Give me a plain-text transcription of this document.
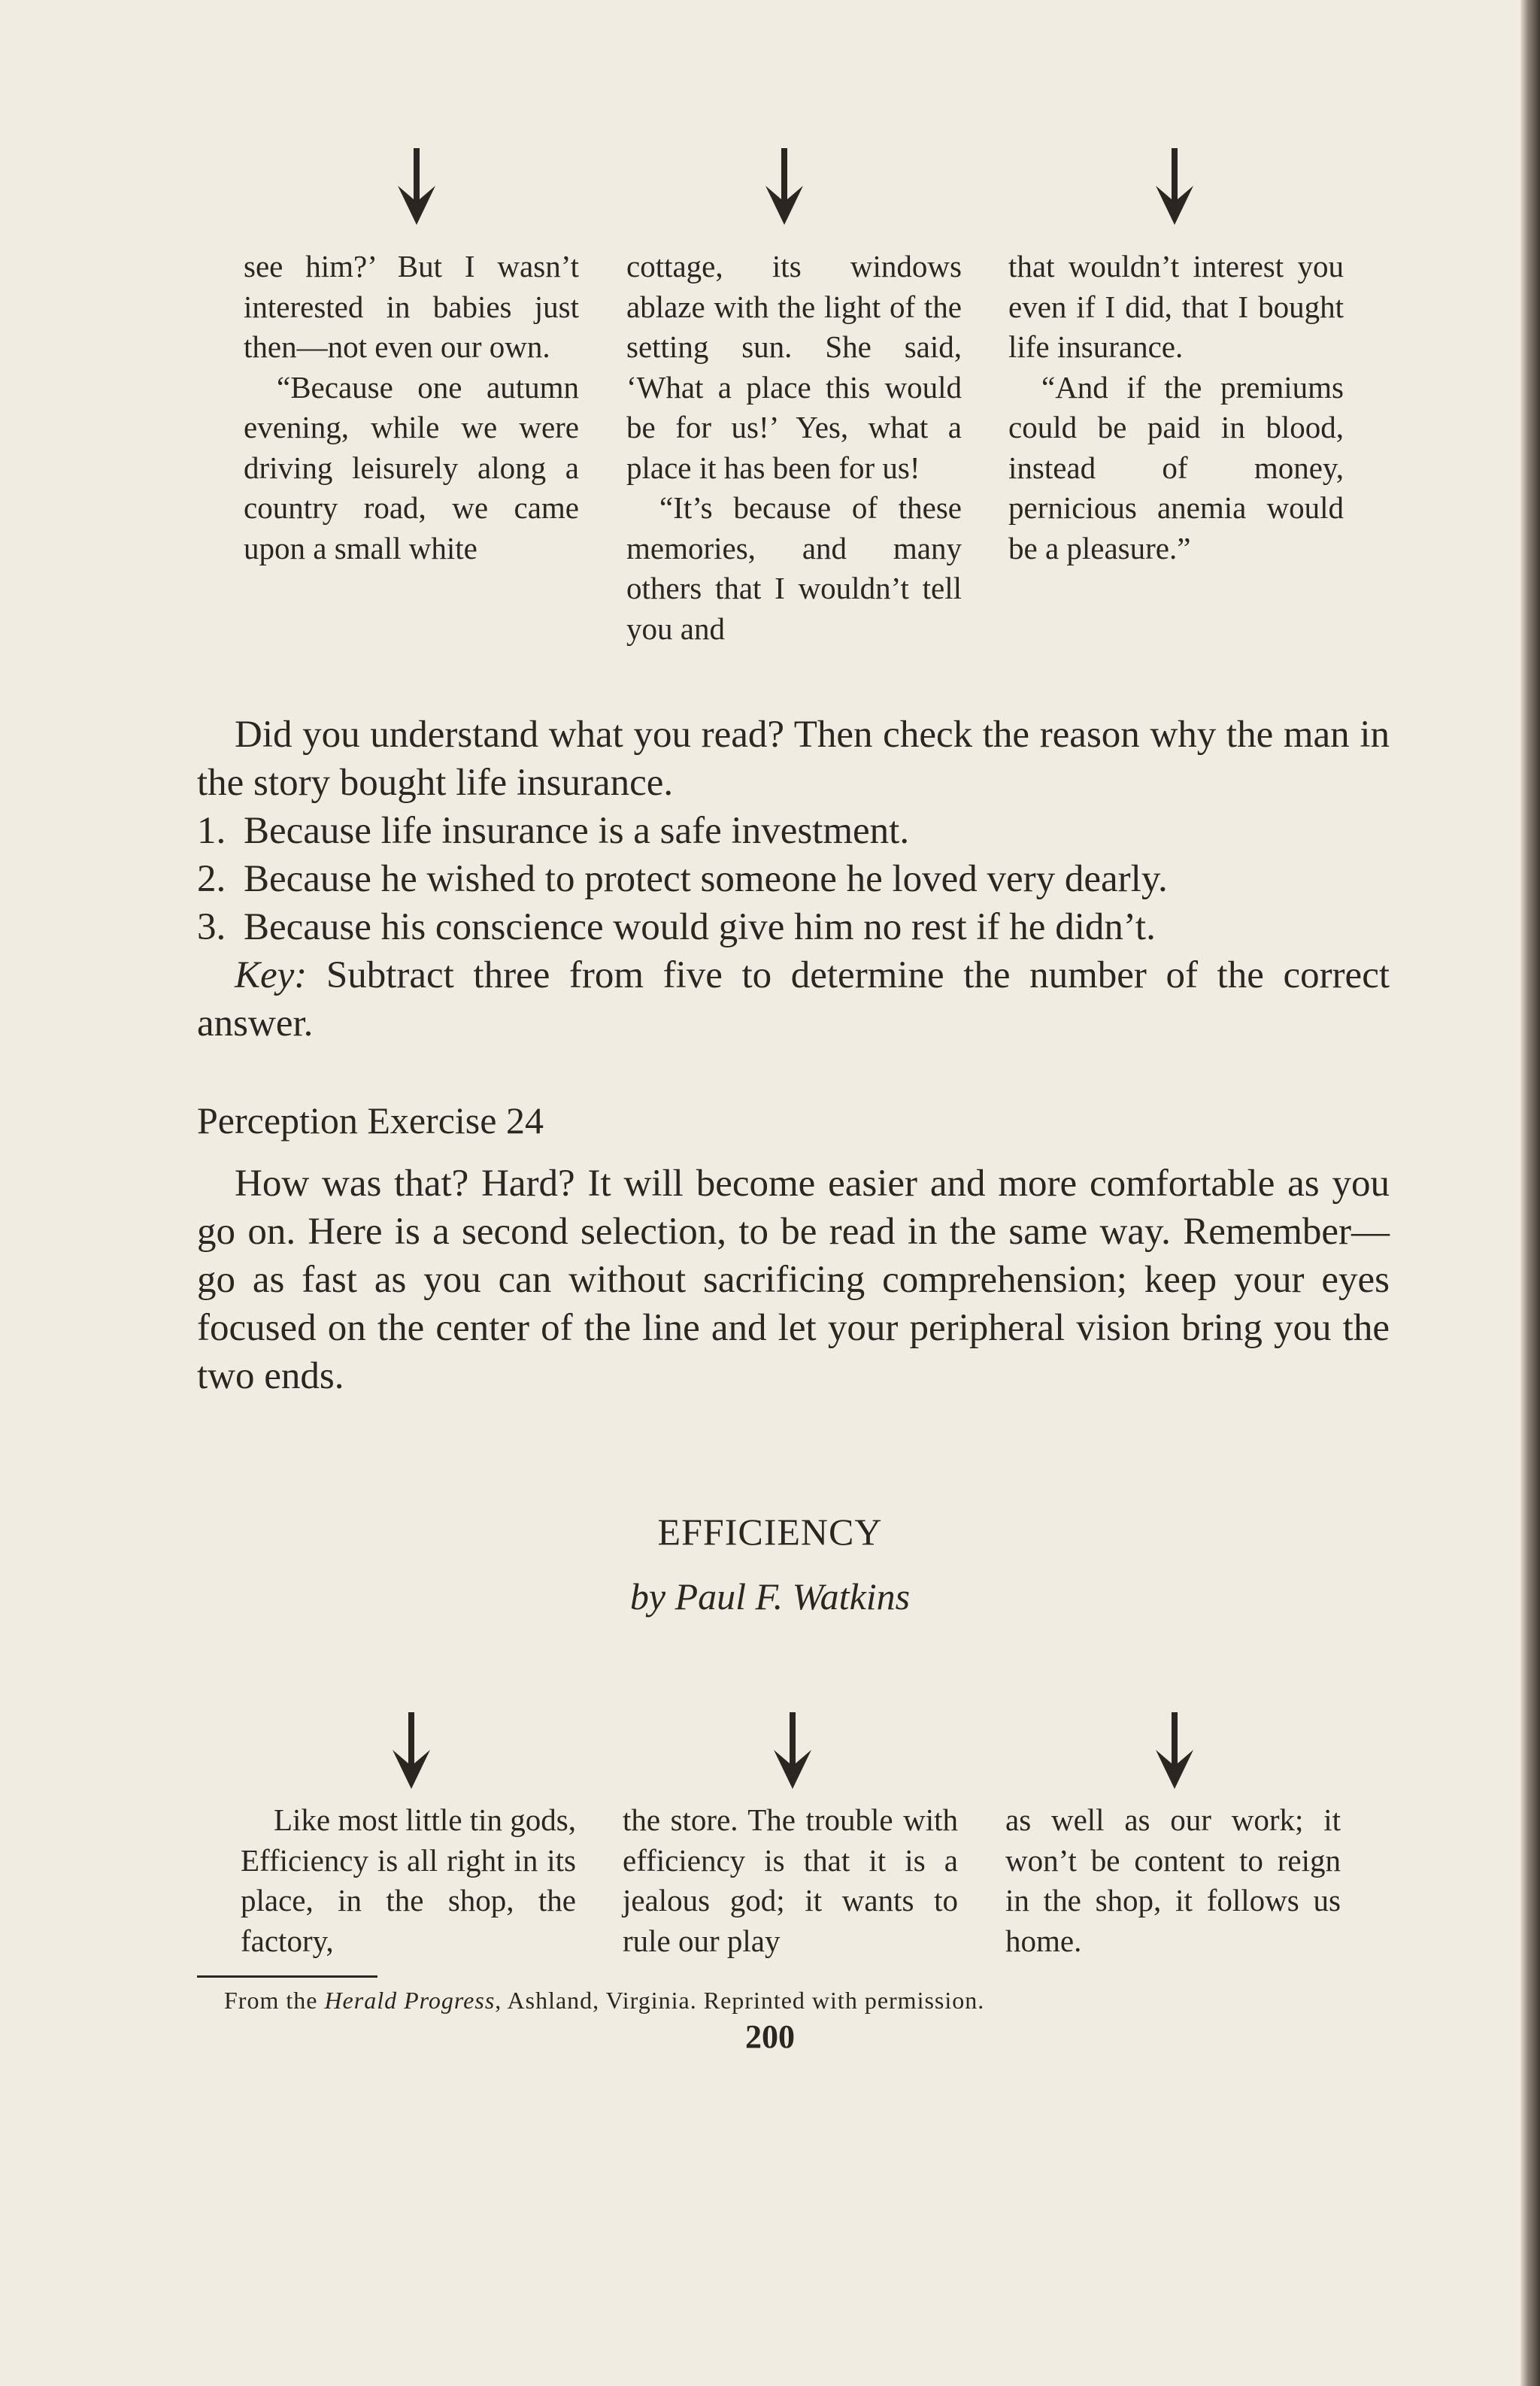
see him?’ But I wasn’t interested in babies just then—not even our own.

“Because one autumn evening, while we were driving leisurely along a country road, we came upon a small white

cottage, its windows ablaze with the light of the setting sun. She said, ‘What a place this would be for us!’ Yes, what a place it has been for us!

“It’s because of these memories, and many others that I wouldn’t tell you and

that wouldn’t interest you even if I did, that I bought life insurance.

“And if the premiums could be paid in blood, instead of money, pernicious anemia would be a pleasure.”

Did you understand what you read? Then check the reason why the man in the story bought life insurance.

1. Because life insurance is a safe investment.

2. Because he wished to protect someone he loved very dearly.

3. Because his conscience would give him no rest if he didn’t.

Key: Subtract three from five to determine the number of the correct answer.

Perception Exercise 24

How was that? Hard? It will become easier and more comfortable as you go on. Here is a second selection, to be read in the same way. Remember—go as fast as you can without sacrificing comprehension; keep your eyes focused on the center of the line and let your peripheral vision bring you the two ends.

EFFICIENCY

by Paul F. Watkins

Like most little tin gods, Efficiency is all right in its place, in the shop, the factory,

the store. The trouble with efficiency is that it is a jealous god; it wants to rule our play

as well as our work; it won’t be content to reign in the shop, it follows us home.

From the Herald Progress, Ashland, Virginia. Reprinted with permission.

200
